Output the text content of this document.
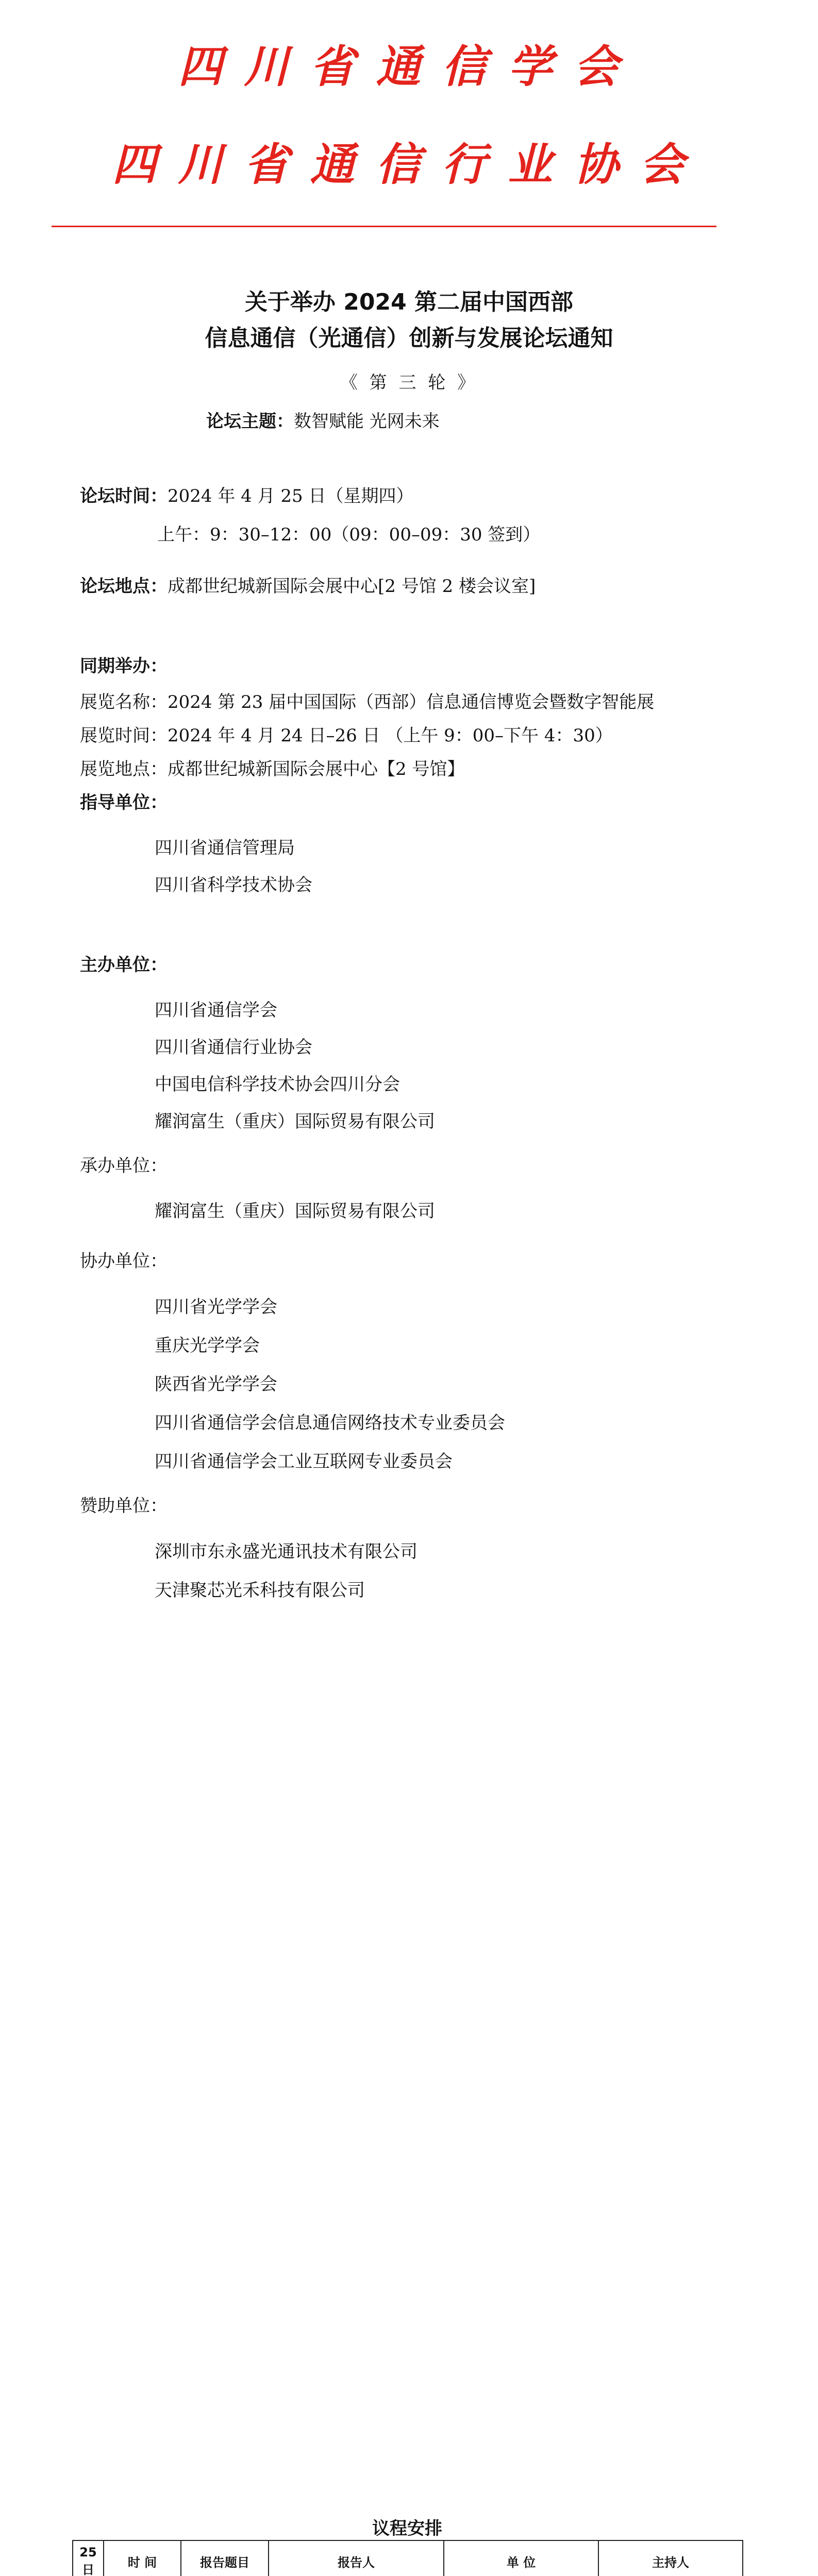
四川省通信学会
四川省通信行业协会
关于举办 2024 第二届中国西部
信息通信（光通信）创新与发展论坛通知
《 第 三 轮 》
论坛主题：数智赋能 光网未来
论坛时间：2024 年 4 月 25 日（星期四）
上午：9：30–12：00（09：00–09：30 签到）
论坛地点：成都世纪城新国际会展中心[2 号馆 2 楼会议室]
同期举办：
展览名称：2024 第 23 届中国国际（西部）信息通信博览会暨数字智能展
展览时间：2024 年 4 月 24 日–26 日 （上午 9：00–下午 4：30）
展览地点：成都世纪城新国际会展中心【2 号馆】
指导单位：
四川省通信管理局
四川省科学技术协会
主办单位：
四川省通信学会
四川省通信行业协会
中国电信科学技术协会四川分会
耀润富生（重庆）国际贸易有限公司
承办单位：
耀润富生（重庆）国际贸易有限公司
协办单位：
四川省光学学会
重庆光学学会
陕西省光学学会
四川省通信学会信息通信网络技术专业委员会
四川省通信学会工业互联网专业委员会
赞助单位：
深圳市东永盛光通讯技术有限公司
天津聚芯光禾科技有限公司
议程安排
25日	时 间	报告题目	报告人	单 位	主持人
